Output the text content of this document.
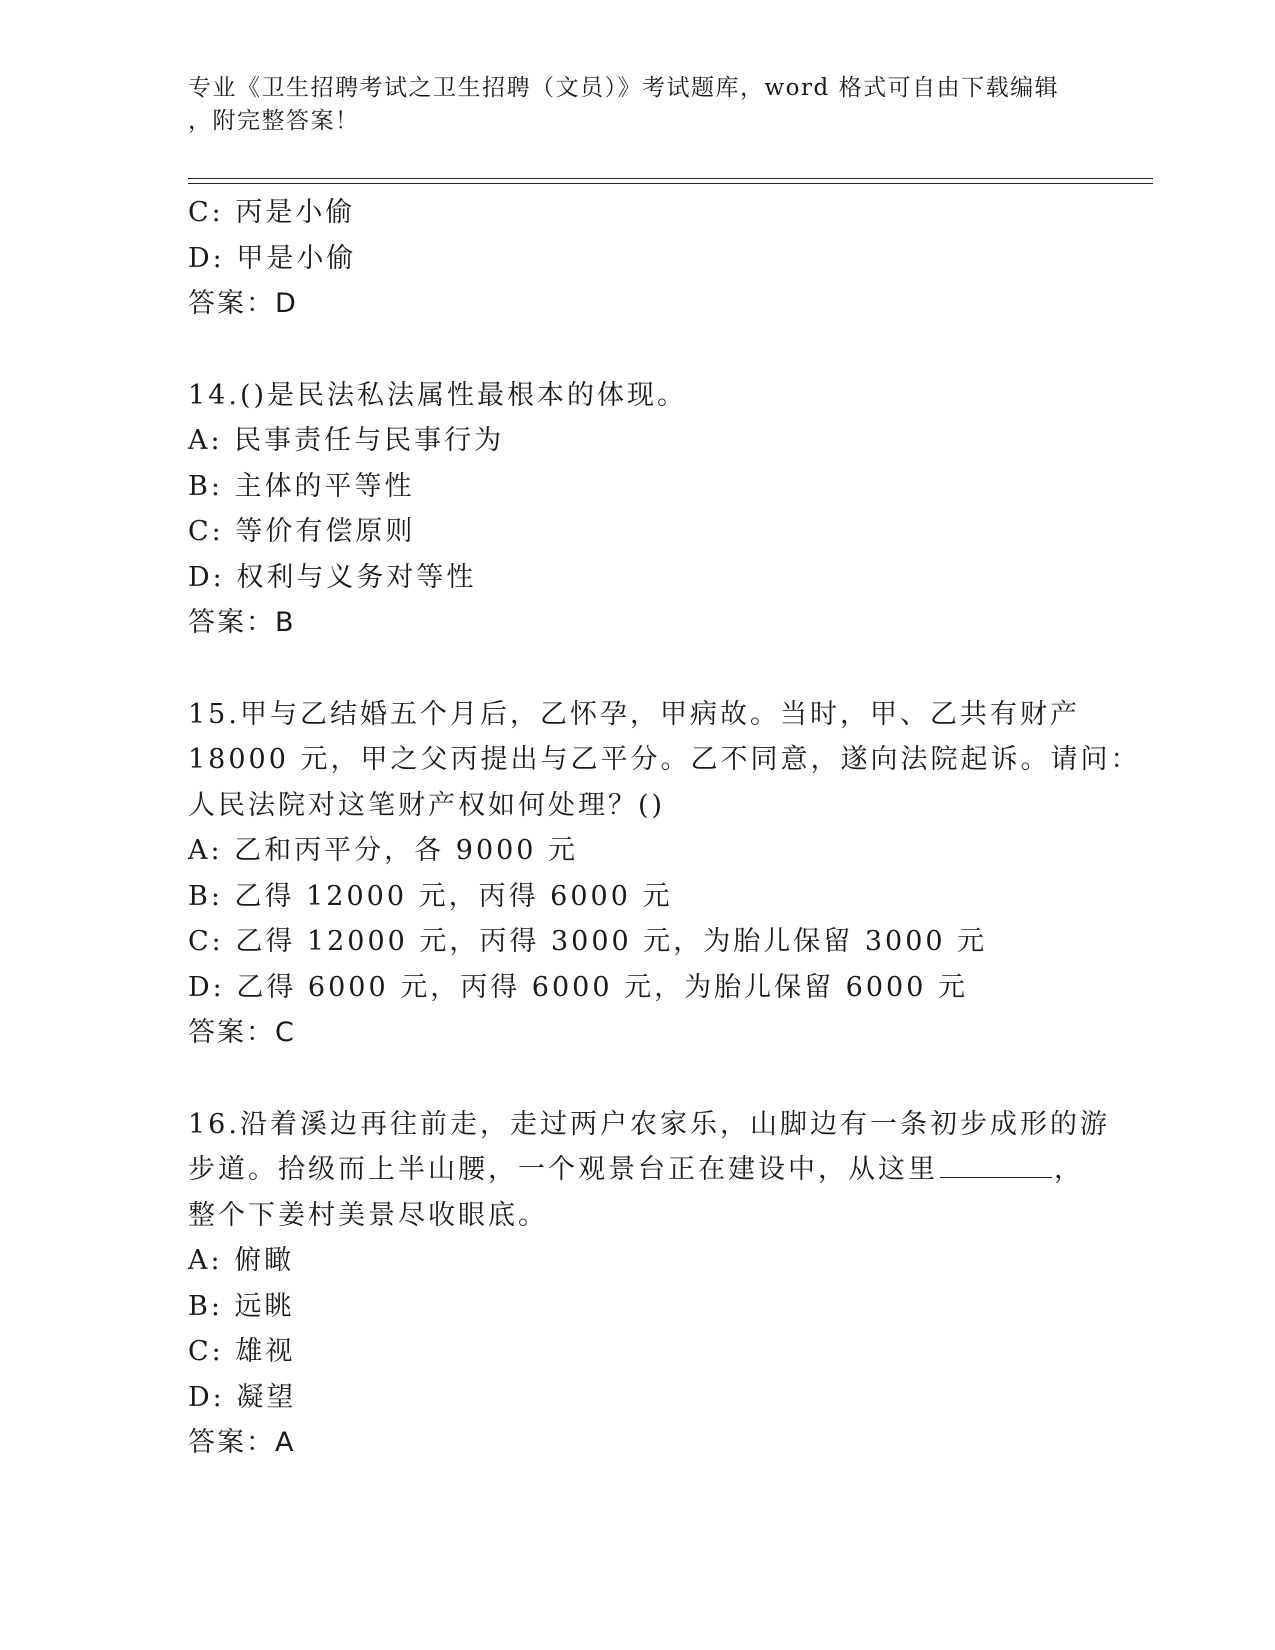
专业《卫生招聘考试之卫生招聘（文员）》考试题库，word 格式可自由下载编辑
，附完整答案！
C: 丙是小偷
D: 甲是小偷
答案：D
14.()是民法私法属性最根本的体现。
A: 民事责任与民事行为
B: 主体的平等性
C: 等价有偿原则
D: 权利与义务对等性
答案：B
15.甲与乙结婚五个月后，乙怀孕，甲病故。当时，甲、乙共有财产
18000 元，甲之父丙提出与乙平分。乙不同意，遂向法院起诉。请问：
人民法院对这笔财产权如何处理？()
A: 乙和丙平分，各 9000 元
B: 乙得 12000 元，丙得 6000 元
C: 乙得 12000 元，丙得 3000 元，为胎儿保留 3000 元
D: 乙得 6000 元，丙得 6000 元，为胎儿保留 6000 元
答案：C
16.沿着溪边再往前走，走过两户农家乐，山脚边有一条初步成形的游
步道。拾级而上半山腰，一个观景台正在建设中，从这里	，
整个下姜村美景尽收眼底。
A: 俯瞰
B: 远眺
C: 雄视
D: 凝望
答案：A
